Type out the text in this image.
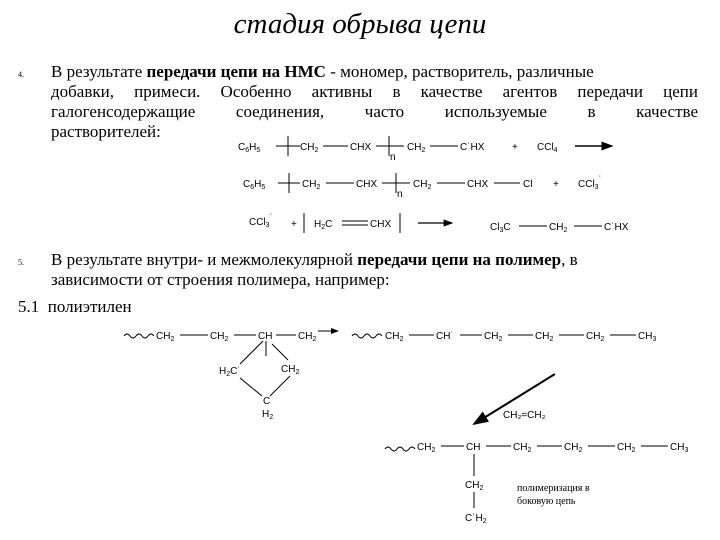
стадия обрыва цепи
4. В результате передачи цепи на НМС - мономер, растворитель, различные
добавки, примеси. Особенно активны в качестве агентов передачи цепи
галогенсодержащие соединения, часто используемые в качестве
растворителей:
5. В результате внутри- и межмолекулярной передачи цепи на полимер, в
зависимости от строения полимера, например:
5.1 полиэтилен
$C_6H_5$	$CH_2$	CHX
n
$CH_2$	C˙HX	+ CCl$_4$
$C_6H_5$	$CH_2$	CHX
n
$CH_2$	CHX	Cl + CCl$_3$˙
CCl$_3$˙
+ $H_2C$	CHX	$Cl_3C$	$CH_2$	C˙HX
$CH_2$	$CH_2$	CH	$CH_2$
$CH_2$
$H_2C˙$
C
$H_2$
$CH_2$	CH˙	$CH_2$	$CH_2$	$CH_2$	$CH_3$
CH₂=CH₂
$CH_2$	CH	$CH_2$	$CH_2$	$CH_2$	$CH_3$
$CH_2$
$C˙H_2$
полимеризация в
боковую цепь
